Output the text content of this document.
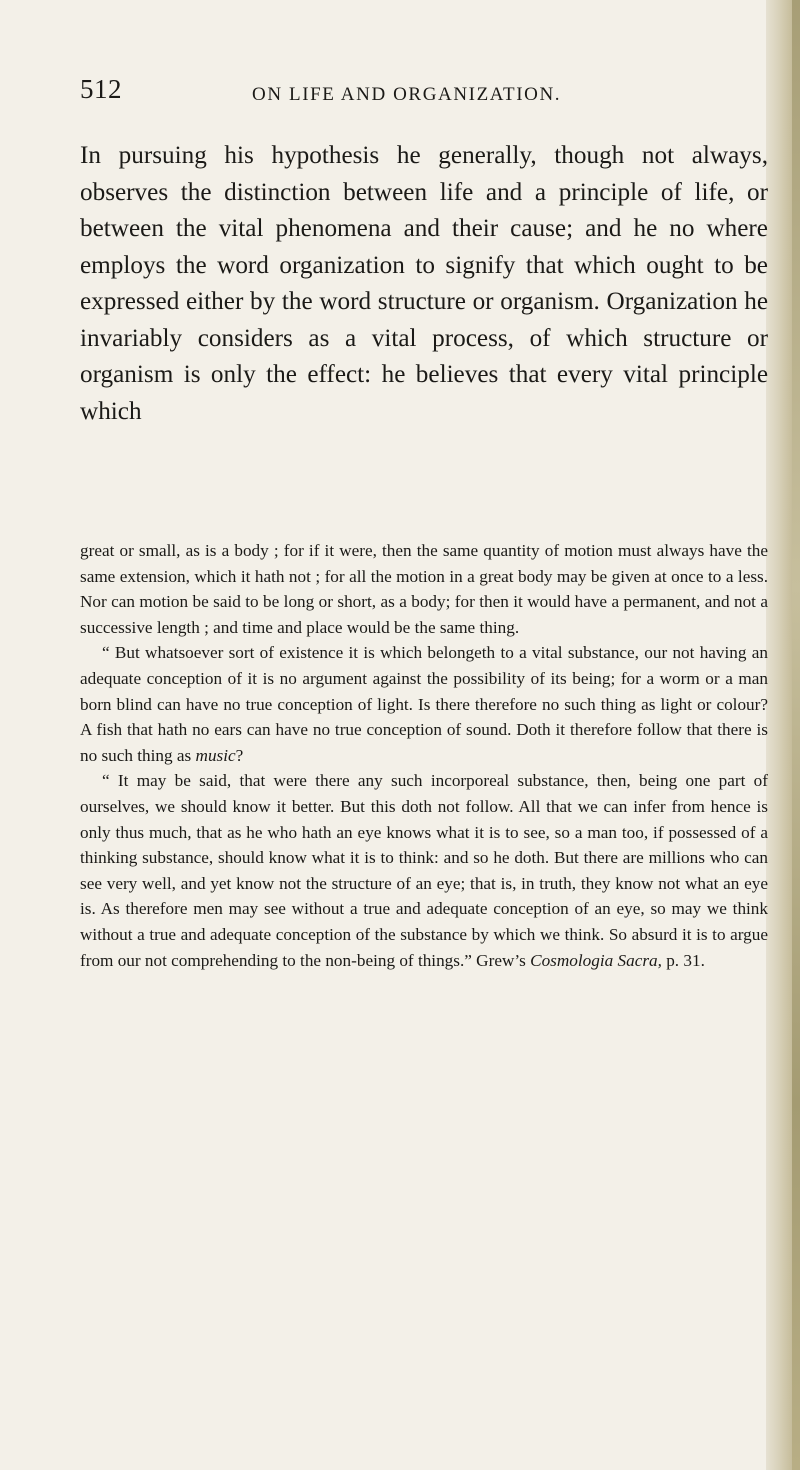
512	ON LIFE AND ORGANIZATION.

In pursuing his hypothesis he generally, though not always, observes the distinction between life and a principle of life, or between the vital phenomena and their cause; and he no where employs the word organization to signify that which ought to be expressed either by the word structure or organism. Organization he invariably considers as a vital process, of which structure or organism is only the effect: he believes that every vital principle which

great or small, as is a body ; for if it were, then the same quantity of motion must always have the same extension, which it hath not ; for all the motion in a great body may be given at once to a less. Nor can motion be said to be long or short, as a body; for then it would have a permanent, and not a successive length ; and time and place would be the same thing.

“ But whatsoever sort of existence it is which belongeth to a vital substance, our not having an adequate conception of it is no argument against the possibility of its being; for a worm or a man born blind can have no true conception of light. Is there therefore no such thing as light or colour? A fish that hath no ears can have no true conception of sound. Doth it therefore follow that there is no such thing as music?

“ It may be said, that were there any such incorporeal substance, then, being one part of ourselves, we should know it better. But this doth not follow. All that we can infer from hence is only thus much, that as he who hath an eye knows what it is to see, so a man too, if possessed of a thinking substance, should know what it is to think: and so he doth. But there are millions who can see very well, and yet know not the structure of an eye; that is, in truth, they know not what an eye is. As therefore men may see without a true and adequate conception of an eye, so may we think without a true and adequate conception of the substance by which we think. So absurd it is to argue from our not comprehending to the non-being of things.” Grew’s Cosmologia Sacra, p. 31.
